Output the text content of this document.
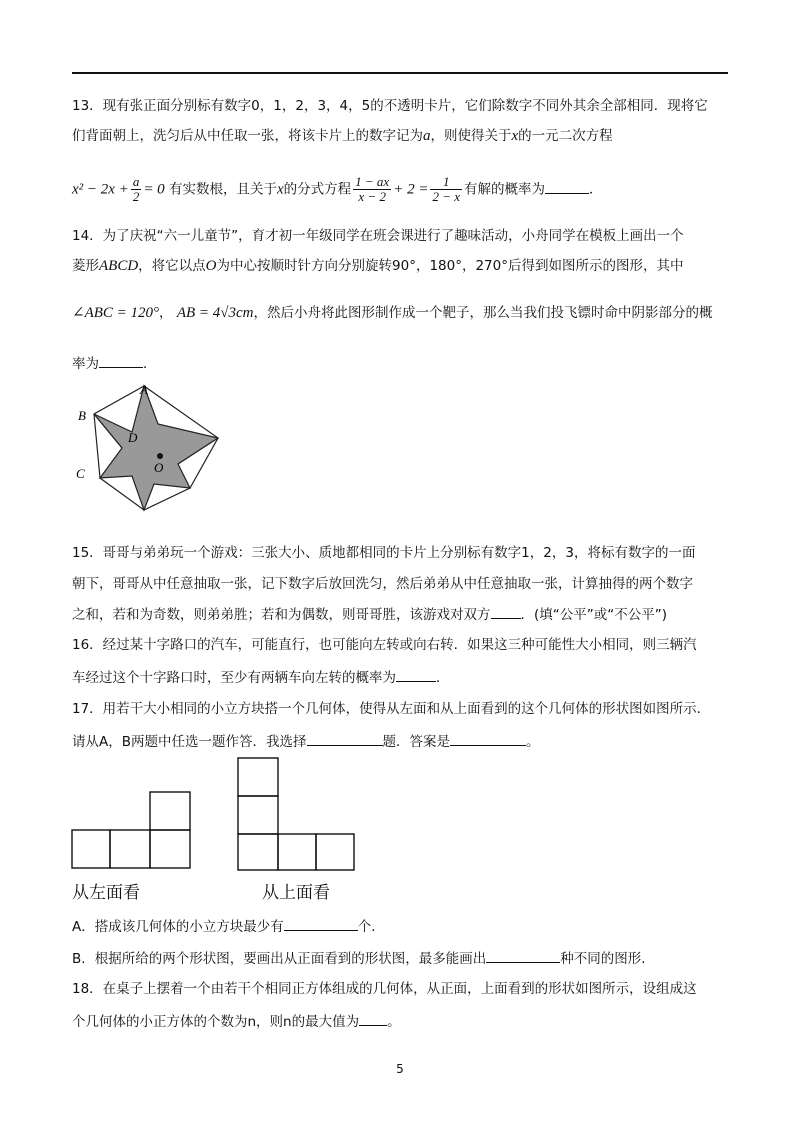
13．现有张正面分别标有数字0，1，2，3，4，5的不透明卡片，它们除数字不同外其余全部相同．现将它
们背面朝上，洗匀后从中任取一张，将该卡片上的数字记为a，则使得关于x的一元二次方程
$x^2 - 2x + \frac{a}{2} = 0$ 有实数根，且关于x的分式方程 $\frac{1 - ax}{x - 2} + 2 = \frac{1}{2 - x}$ 有解的概率为	．
14．为了庆祝“六一儿童节”，育才初一年级同学在班会课进行了趣味活动，小舟同学在模板上画出一个
菱形ABCD，将它以点O为中心按顺时针方向分别旋转90°，180°，270°后得到如图所示的图形，其中
∠ABC = 120°， AB = 4√3cm，然后小舟将此图形制作成一个靶子，那么当我们投飞镖时命中阴影部分的概
率为	．
A
B
D
C	O
15．哥哥与弟弟玩一个游戏：三张大小、质地都相同的卡片上分别标有数字1，2，3，将标有数字的一面
朝下，哥哥从中任意抽取一张，记下数字后放回洗匀，然后弟弟从中任意抽取一张，计算抽得的两个数字
之和，若和为奇数，则弟弟胜；若和为偶数，则哥哥胜，该游戏对双方 ．(填“公平”或“不公平”)
16．经过某十字路口的汽车，可能直行，也可能向左转或向右转．如果这三种可能性大小相同，则三辆汽
车经过这个十字路口时，至少有两辆车向左转的概率为	．
17．用若干大小相同的小立方块搭一个几何体，使得从左面和从上面看到的这个几何体的形状图如图所示．
请从A，B两题中任选一题作答．我选择	题．答案是	。
从左面看	从上面看
A．搭成该几何体的小立方块最少有	个．
B．根据所给的两个形状图，要画出从正面看到的形状图，最多能画出	种不同的图形．
18．在桌子上摆着一个由若干个相同正方体组成的几何体，从正面，上面看到的形状如图所示，设组成这
个几何体的小正方体的个数为n，则n的最大值为 。
5
